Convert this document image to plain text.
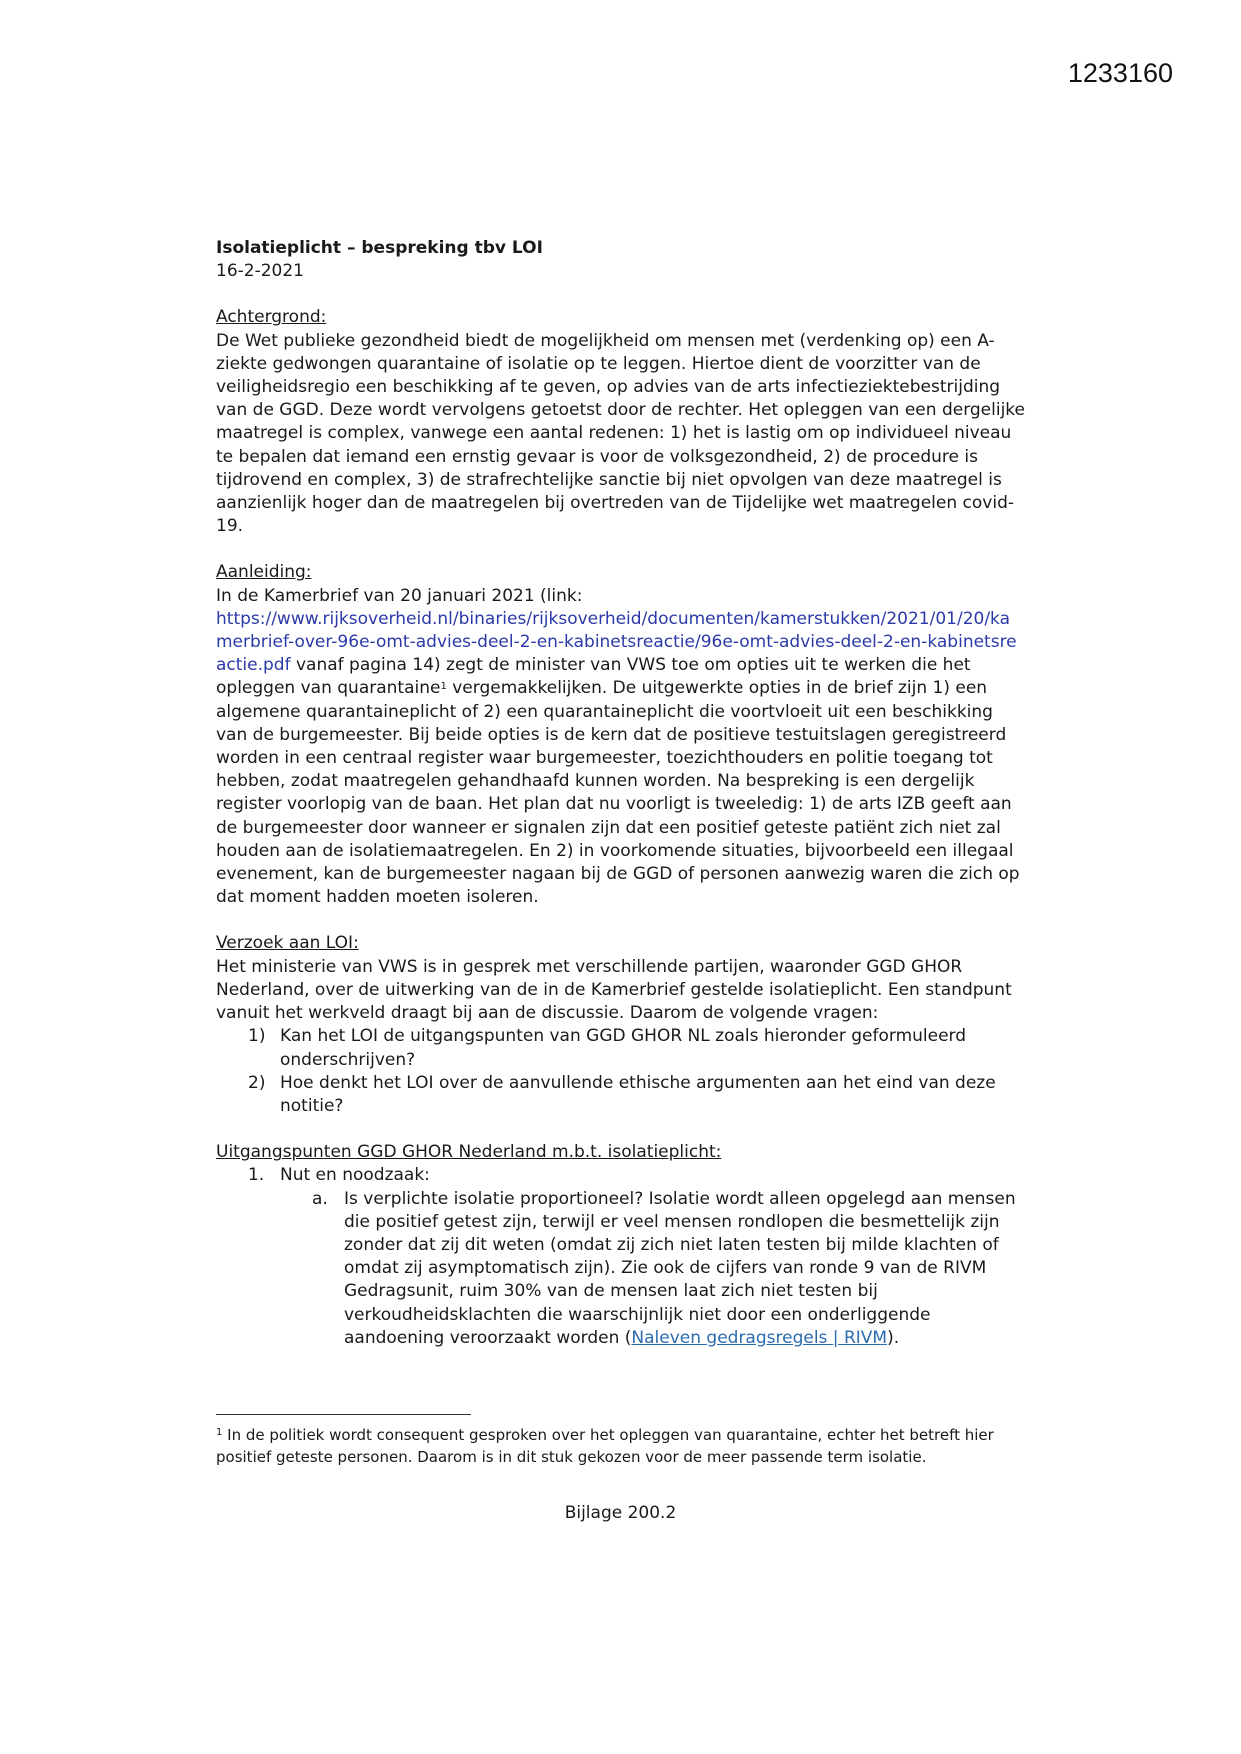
1233160

Isolatieplicht – bespreking tbv LOI

16-2-2021

Achtergrond:

De Wet publieke gezondheid biedt de mogelijkheid om mensen met (verdenking op) een A-ziekte gedwongen quarantaine of isolatie op te leggen. Hiertoe dient de voorzitter van de veiligheidsregio een beschikking af te geven, op advies van de arts infectieziektebestrijding van de GGD. Deze wordt vervolgens getoetst door de rechter. Het opleggen van een dergelijke maatregel is complex, vanwege een aantal redenen: 1) het is lastig om op individueel niveau te bepalen dat iemand een ernstig gevaar is voor de volksgezondheid, 2) de procedure is tijdrovend en complex, 3) de strafrechtelijke sanctie bij niet opvolgen van deze maatregel is aanzienlijk hoger dan de maatregelen bij overtreden van de Tijdelijke wet maatregelen covid-19.

Aanleiding:

In de Kamerbrief van 20 januari 2021 (link:
https://www.rijksoverheid.nl/binaries/rijksoverheid/documenten/kamerstukken/2021/01/20/kamerbrief-over-96e-omt-advies-deel-2-en-kabinetsreactie/96e-omt-advies-deel-2-en-kabinetsreactie.pdf vanaf pagina 14) zegt de minister van VWS toe om opties uit te werken die het opleggen van quarantaine$^1$ vergemakkelijken. De uitgewerkte opties in de brief zijn 1) een algemene quarantaineplicht of 2) een quarantaineplicht die voortvloeit uit een beschikking van de burgemeester. Bij beide opties is de kern dat de positieve testuitslagen geregistreerd worden in een centraal register waar burgemeester, toezichthouders en politie toegang tot hebben, zodat maatregelen gehandhaafd kunnen worden. Na bespreking is een dergelijk register voorlopig van de baan. Het plan dat nu voorligt is tweeledig: 1) de arts IZB geeft aan de burgemeester door wanneer er signalen zijn dat een positief geteste patiënt zich niet zal houden aan de isolatiemaatregelen. En 2) in voorkomende situaties, bijvoorbeeld een illegaal evenement, kan de burgemeester nagaan bij de GGD of personen aanwezig waren die zich op dat moment hadden moeten isoleren.

Verzoek aan LOI:

Het ministerie van VWS is in gesprek met verschillende partijen, waaronder GGD GHOR Nederland, over de uitwerking van de in de Kamerbrief gestelde isolatieplicht. Een standpunt vanuit het werkveld draagt bij aan de discussie. Daarom de volgende vragen:

1) Kan het LOI de uitgangspunten van GGD GHOR NL zoals hieronder geformuleerd onderschrijven?
2) Hoe denkt het LOI over de aanvullende ethische argumenten aan het eind van deze notitie?

Uitgangspunten GGD GHOR Nederland m.b.t. isolatieplicht:

1. Nut en noodzaak:
a. Is verplichte isolatie proportioneel? Isolatie wordt alleen opgelegd aan mensen die positief getest zijn, terwijl er veel mensen rondlopen die besmettelijk zijn zonder dat zij dit weten (omdat zij zich niet laten testen bij milde klachten of omdat zij asymptomatisch zijn). Zie ook de cijfers van ronde 9 van de RIVM Gedragsunit, ruim 30% van de mensen laat zich niet testen bij verkoudheidsklachten die waarschijnlijk niet door een onderliggende aandoening veroorzaakt worden (Naleven gedragsregels | RIVM).
$^1$ In de politiek wordt consequent gesproken over het opleggen van quarantaine, echter het betreft hier positief geteste personen. Daarom is in dit stuk gekozen voor de meer passende term isolatie.
Bijlage 200.2
